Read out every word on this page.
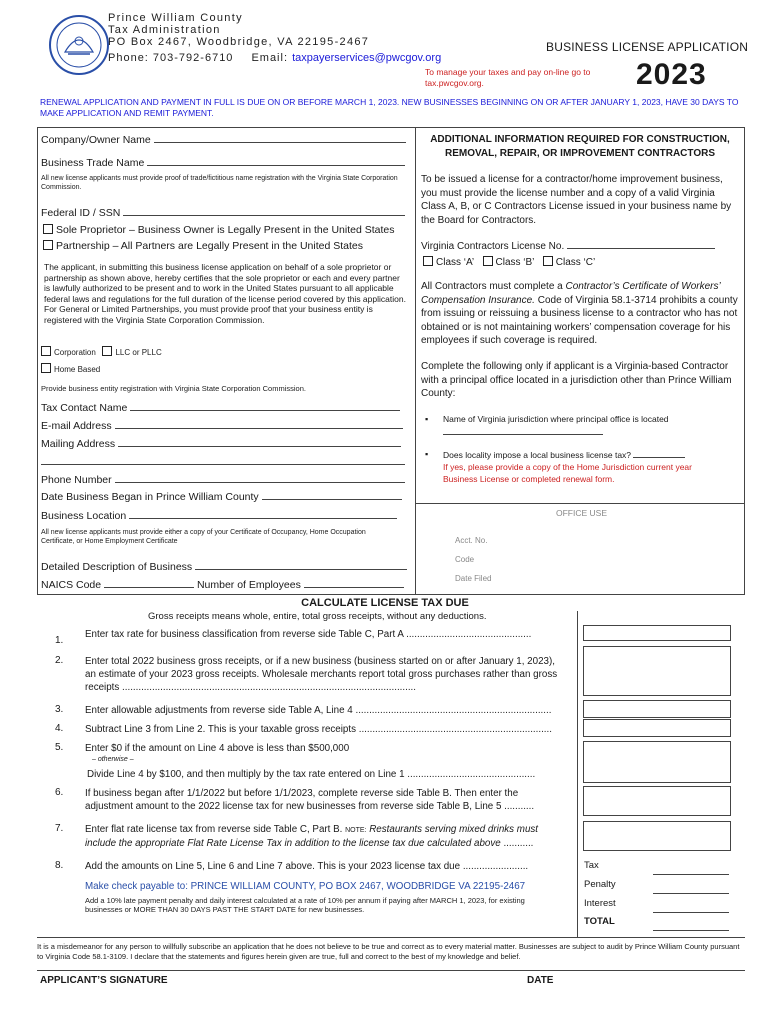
Prince William County
Tax Administration
PO Box 2467, Woodbridge, VA 22195-2467
Phone: 703-792-6710 Email: taxpayerservices@pwcgov.org
BUSINESS LICENSE APPLICATION
To manage your taxes and pay on-line go to tax.pwcgov.org.	2023
RENEWAL APPLICATION AND PAYMENT IN FULL IS DUE ON OR BEFORE MARCH 1, 2023. NEW BUSINESSES BEGINNING ON OR AFTER JANUARY 1, 2023, HAVE 30 DAYS TO MAKE APPLICATION AND REMIT PAYMENT.
Company/Owner Name
Business Trade Name
All new license applicants must provide proof of trade/fictitious name registration with the Virginia State Corporation Commission.
Federal ID / SSN
Sole Proprietor – Business Owner is Legally Present in the United States
Partnership – All Partners are Legally Present in the United States
The applicant, in submitting this business license application on behalf of a sole proprietor or partnership as shown above, hereby certifies that the sole proprietor or each and every partner is lawfully authorized to be present and to work in the United States pursuant to all applicable federal laws and regulations for the full duration of the license period covered by this application. For General or Limited Partnerships, you must provide proof that your business entity is registered with the Virginia State Corporation Commission.
Corporation LLC or PLLC
Home Based
Provide business entity registration with Virginia State Corporation Commission.
Tax Contact Name
E-mail Address
Mailing Address
Phone Number
Date Business Began in Prince William County
Business Location
All new license applicants must provide either a copy of your Certificate of Occupancy, Home Occupation Certificate, or Home Employment Certificate
Detailed Description of Business
NAICS Code	Number of Employees
ADDITIONAL INFORMATION REQUIRED FOR CONSTRUCTION, REMOVAL, REPAIR, OR IMPROVEMENT CONTRACTORS
To be issued a license for a contractor/home improvement business, you must provide the license number and a copy of a valid Virginia Class A, B, or C Contractors License issued in your business name by the Board for Contractors.
Virginia Contractors License No.
Class ‘A’ Class ‘B’ Class ‘C’
All Contractors must complete a Contractor’s Certificate of Workers’ Compensation Insurance. Code of Virginia 58.1-3714 prohibits a county from issuing or reissuing a business license to a contractor who has not obtained or is not maintaining workers’ compensation coverage for his employees if such coverage is required.
Complete the following only if applicant is a Virginia-based Contractor with a principal office located in a jurisdiction other than Prince William County:
▪ Name of Virginia jurisdiction where principal office is located
▪ Does locality impose a local business license tax?
If yes, please provide a copy of the Home Jurisdiction current year Business License or completed renewal form.
OFFICE USE
Acct. No.
Code
Date Filed
CALCULATE LICENSE TAX DUE
Gross receipts means whole, entire, total gross receipts, without any deductions.
1.
Enter tax rate for business classification from reverse side Table C, Part A ..............................................
2.	Enter total 2022 business gross receipts, or if a new business (business started on or after January 1, 2023), an estimate of your 2023 gross receipts. Wholesale merchants report total gross purchases rather than gross receipts ............................................................................................................
3.	Enter allowable adjustments from reverse side Table A, Line 4 ........................................................................
4.	Subtract Line 3 from Line 2. This is your taxable gross receipts .......................................................................
5.	Enter $0 if the amount on Line 4 above is less than $500,000
– otherwise –
Divide Line 4 by $100, and then multiply by the tax rate entered on Line 1 ...............................................
6.	If business began after 1/1/2022 but before 1/1/2023, complete reverse side Table B. Then enter the adjustment amount to the 2022 license tax for new businesses from reverse side Table B, Line 5 ...........
7.	Enter flat rate license tax from reverse side Table C, Part B. NOTE: Restaurants serving mixed drinks must include the appropriate Flat Rate License Tax in addition to the license tax due calculated above ...........
8.	Add the amounts on Line 5, Line 6 and Line 7 above. This is your 2023 license tax due ........................
Make check payable to: PRINCE WILLIAM COUNTY, PO BOX 2467, WOODBRIDGE VA 22195-2467
Add a 10% late payment penalty and daily interest calculated at a rate of 10% per annum if paying after MARCH 1, 2023, for existing businesses or MORE THAN 30 DAYS PAST THE START DATE for new businesses.
Tax
Penalty
Interest
TOTAL
It is a misdemeanor for any person to willfully subscribe an application that he does not believe to be true and correct as to every material matter. Businesses are subject to audit by Prince William County pursuant to Virginia Code 58.1-3109. I declare that the statements and figures herein given are true, full and correct to the best of my knowledge and belief.
APPLICANT’S SIGNATURE	DATE
